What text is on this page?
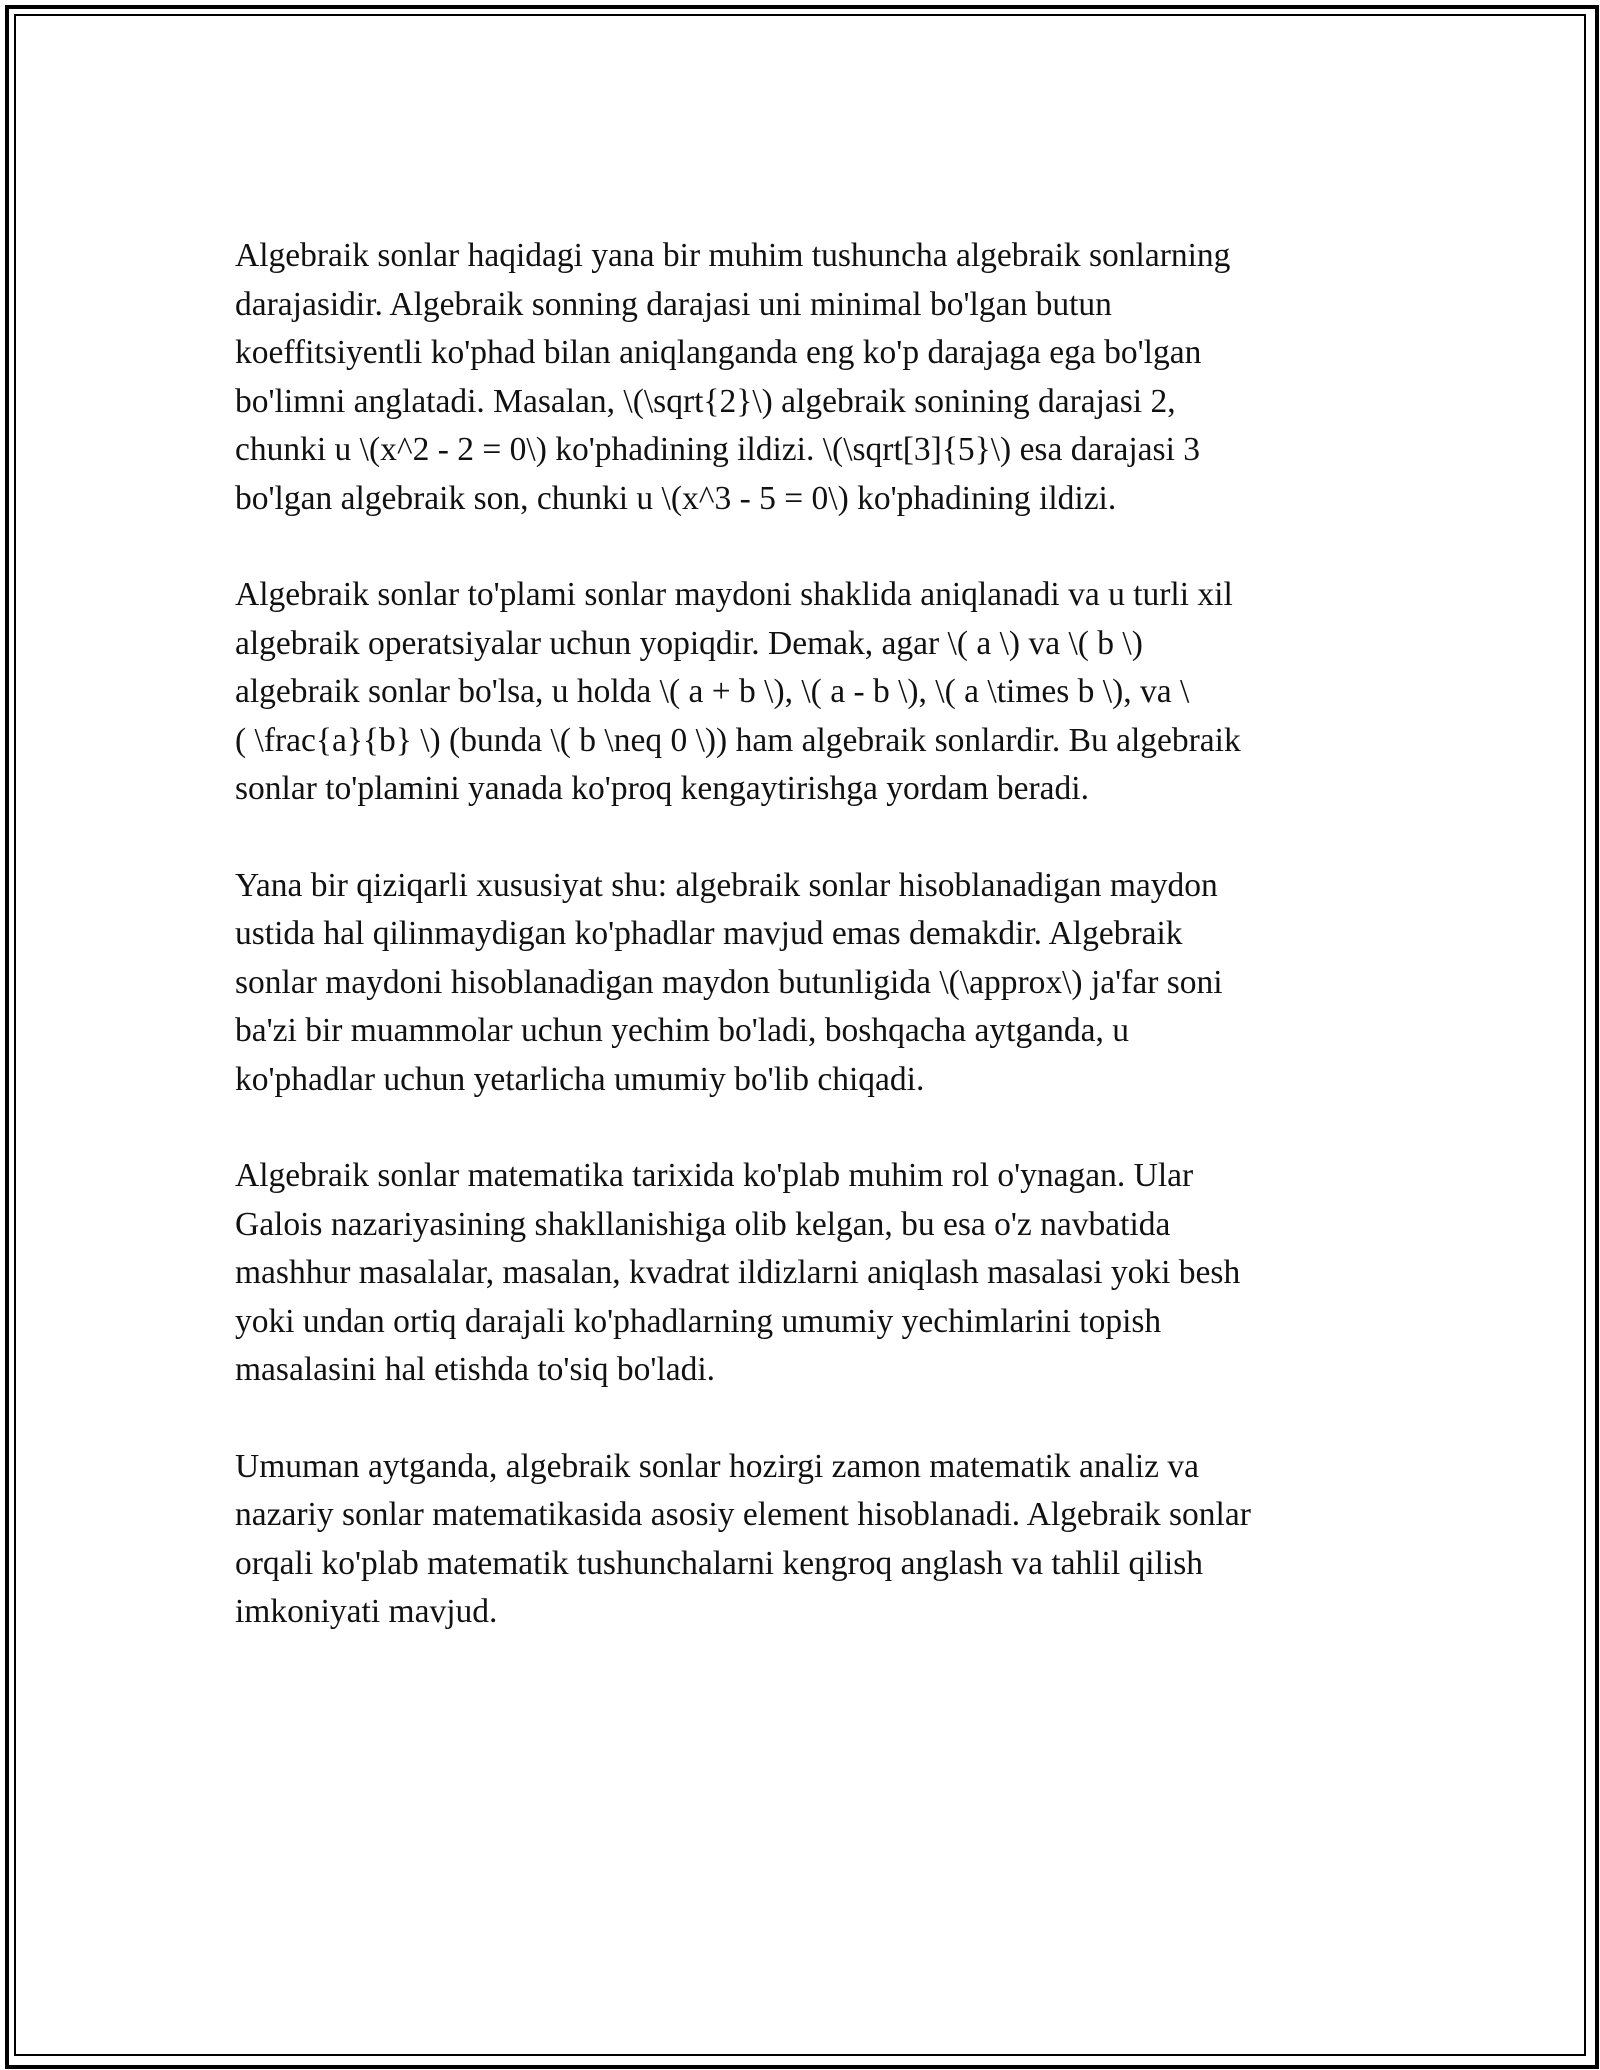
Algebraik sonlar haqidagi yana bir muhim tushuncha algebraik sonlarning
darajasidir. Algebraik sonning darajasi uni minimal bo'lgan butun
koeffitsiyentli ko'phad bilan aniqlanganda eng ko'p darajaga ega bo'lgan
bo'limni anglatadi. Masalan, \(\sqrt{2}\) algebraik sonining darajasi 2,
chunki u \(x^2 - 2 = 0\) ko'phadining ildizi. \(\sqrt[3]{5}\) esa darajasi 3
bo'lgan algebraik son, chunki u \(x^3 - 5 = 0\) ko'phadining ildizi.

Algebraik sonlar to'plami sonlar maydoni shaklida aniqlanadi va u turli xil
algebraik operatsiyalar uchun yopiqdir. Demak, agar \( a \) va \( b \)
algebraik sonlar bo'lsa, u holda \( a + b \), \( a - b \), \( a \times b \), va \
( \frac{a}{b} \) (bunda \( b \neq 0 \)) ham algebraik sonlardir. Bu algebraik
sonlar to'plamini yanada ko'proq kengaytirishga yordam beradi.

Yana bir qiziqarli xususiyat shu: algebraik sonlar hisoblanadigan maydon
ustida hal qilinmaydigan ko'phadlar mavjud emas demakdir. Algebraik
sonlar maydoni hisoblanadigan maydon butunligida \(\approx\) ja'far soni
ba'zi bir muammolar uchun yechim bo'ladi, boshqacha aytganda, u
ko'phadlar uchun yetarlicha umumiy bo'lib chiqadi.

Algebraik sonlar matematika tarixida ko'plab muhim rol o'ynagan. Ular
Galois nazariyasining shakllanishiga olib kelgan, bu esa o'z navbatida
mashhur masalalar, masalan, kvadrat ildizlarni aniqlash masalasi yoki besh
yoki undan ortiq darajali ko'phadlarning umumiy yechimlarini topish
masalasini hal etishda to'siq bo'ladi.

Umuman aytganda, algebraik sonlar hozirgi zamon matematik analiz va
nazariy sonlar matematikasida asosiy element hisoblanadi. Algebraik sonlar
orqali ko'plab matematik tushunchalarni kengroq anglash va tahlil qilish
imkoniyati mavjud.
